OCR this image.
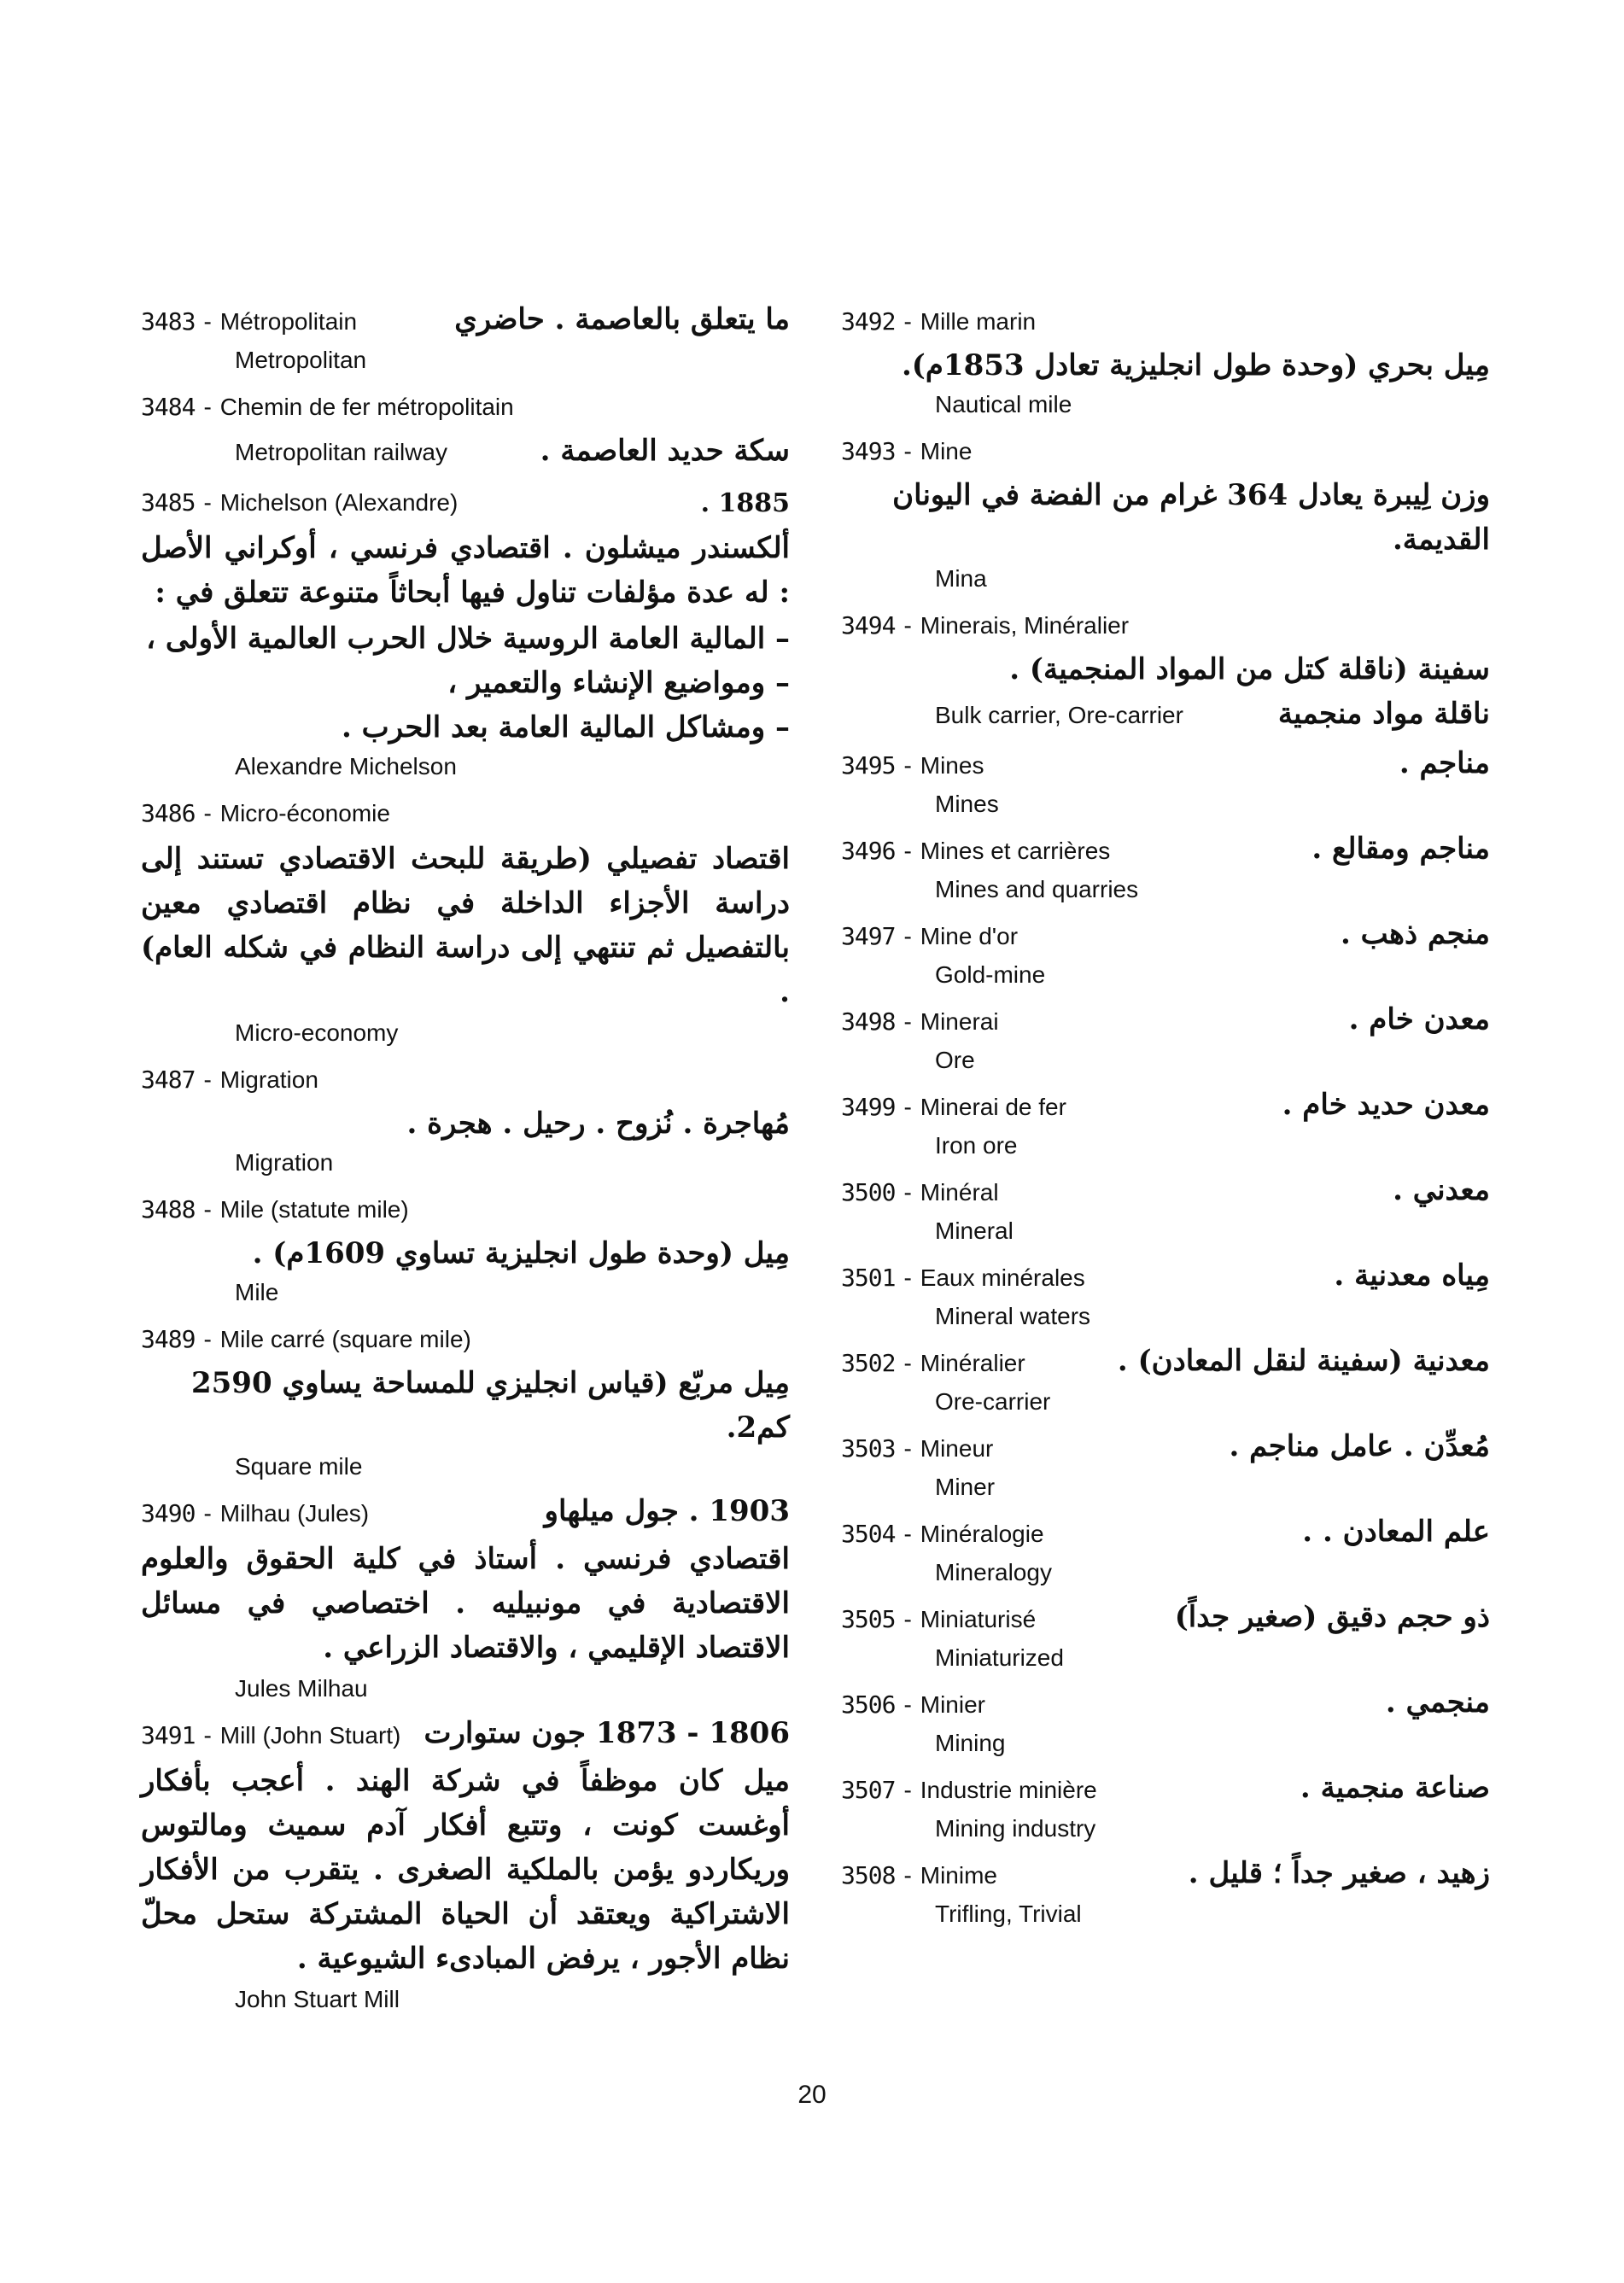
3483 - Métropolitain	ما يتعلق بالعاصمة . حاضري
Metropolitan
3484 - Chemin de fer métropolitain
Metropolitan railway	سكة حديد العاصمة .
3485 - Michelson (Alexandre)	1885 .
ألكسندر ميشلون . اقتصادي فرنسي ، أوكراني الأصل : له عدة مؤلفات تناول فيها أبحاثاً متنوعة تتعلق في :
– المالية العامة الروسية خلال الحرب العالمية الأولى ،
– ومواضيع الإنشاء والتعمير ،
– ومشاكل المالية العامة بعد الحرب .
Alexandre Michelson
3486 - Micro-économie
اقتصاد تفصيلي (طريقة للبحث الاقتصادي تستند إلى دراسة الأجزاء الداخلة في نظام اقتصادي معين بالتفصيل ثم تنتهي إلى دراسة النظام في شكله العام) .
Micro-economy
3487 - Migration
مُهاجرة . نُزوح . رحيل . هجرة .
Migration
3488 - Mile (statute mile)
مِيل (وحدة طول انجليزية تساوي 1609م) .
Mile
3489 - Mile carré (square mile)
مِيل مربّع (قياس انجليزي للمساحة يساوي 2590 كم2.
Square mile
3490 - Milhau (Jules)	1903 . جول ميلهاو
اقتصادي فرنسي . أستاذ في كلية الحقوق والعلوم الاقتصادية في مونبيليه . اختصاصي في مسائل الاقتصاد الإقليمي ، والاقتصاد الزراعي .
Jules Milhau
3491 - Mill (John Stuart) 1806 - 1873 جون ستوارت
ميل كان موظفاً في شركة الهند . أعجب بأفكار أوغست كونت ، وتتبع أفكار آدم سميث ومالتوس وريكاردو يؤمن بالملكية الصغرى . يتقرب من الأفكار الاشتراكية ويعتقد أن الحياة المشتركة ستحل محلّ نظام الأجور ، يرفض المبادىء الشيوعية .
John Stuart Mill
3492 - Mille marin
مِيل بحري (وحدة طول انجليزية تعادل 1853م).
Nautical mile
3493 - Mine
وزن لِيبرة يعادل 364 غرام من الفضة في اليونان القديمة.
Mina
3494 - Minerais, Minéralier
سفينة (ناقلة كتل من المواد المنجمية) .
Bulk carrier, Ore-carrier	ناقلة مواد منجمية
3495 - Mines	مناجم .
Mines
3496 - Mines et carrières	مناجم ومقالع .
Mines and quarries
3497 - Mine d'or	منجم ذهب .
Gold-mine
3498 - Minerai	معدن خام .
Ore
3499 - Minerai de fer	معدن حديد خام .
Iron ore
3500 - Minéral	معدني .
Mineral
3501 - Eaux minérales	مِياه معدنية .
Mineral waters
3502 - Minéralier	معدنية (سفينة لنقل المعادن) .
Ore-carrier
3503 - Mineur	مُعدِّن . عامل مناجم .
Miner
3504 - Minéralogie	علم المعادن . .
Mineralogy
3505 - Miniaturisé	ذو حجم دقيق (صغير جداً)
Miniaturized
3506 - Minier	منجمي .
Mining
3507 - Industrie minière	صناعة منجمية .
Mining industry
3508 - Minime	زهيد ، صغير جداً ؛ قليل .
Trifling, Trivial
20
